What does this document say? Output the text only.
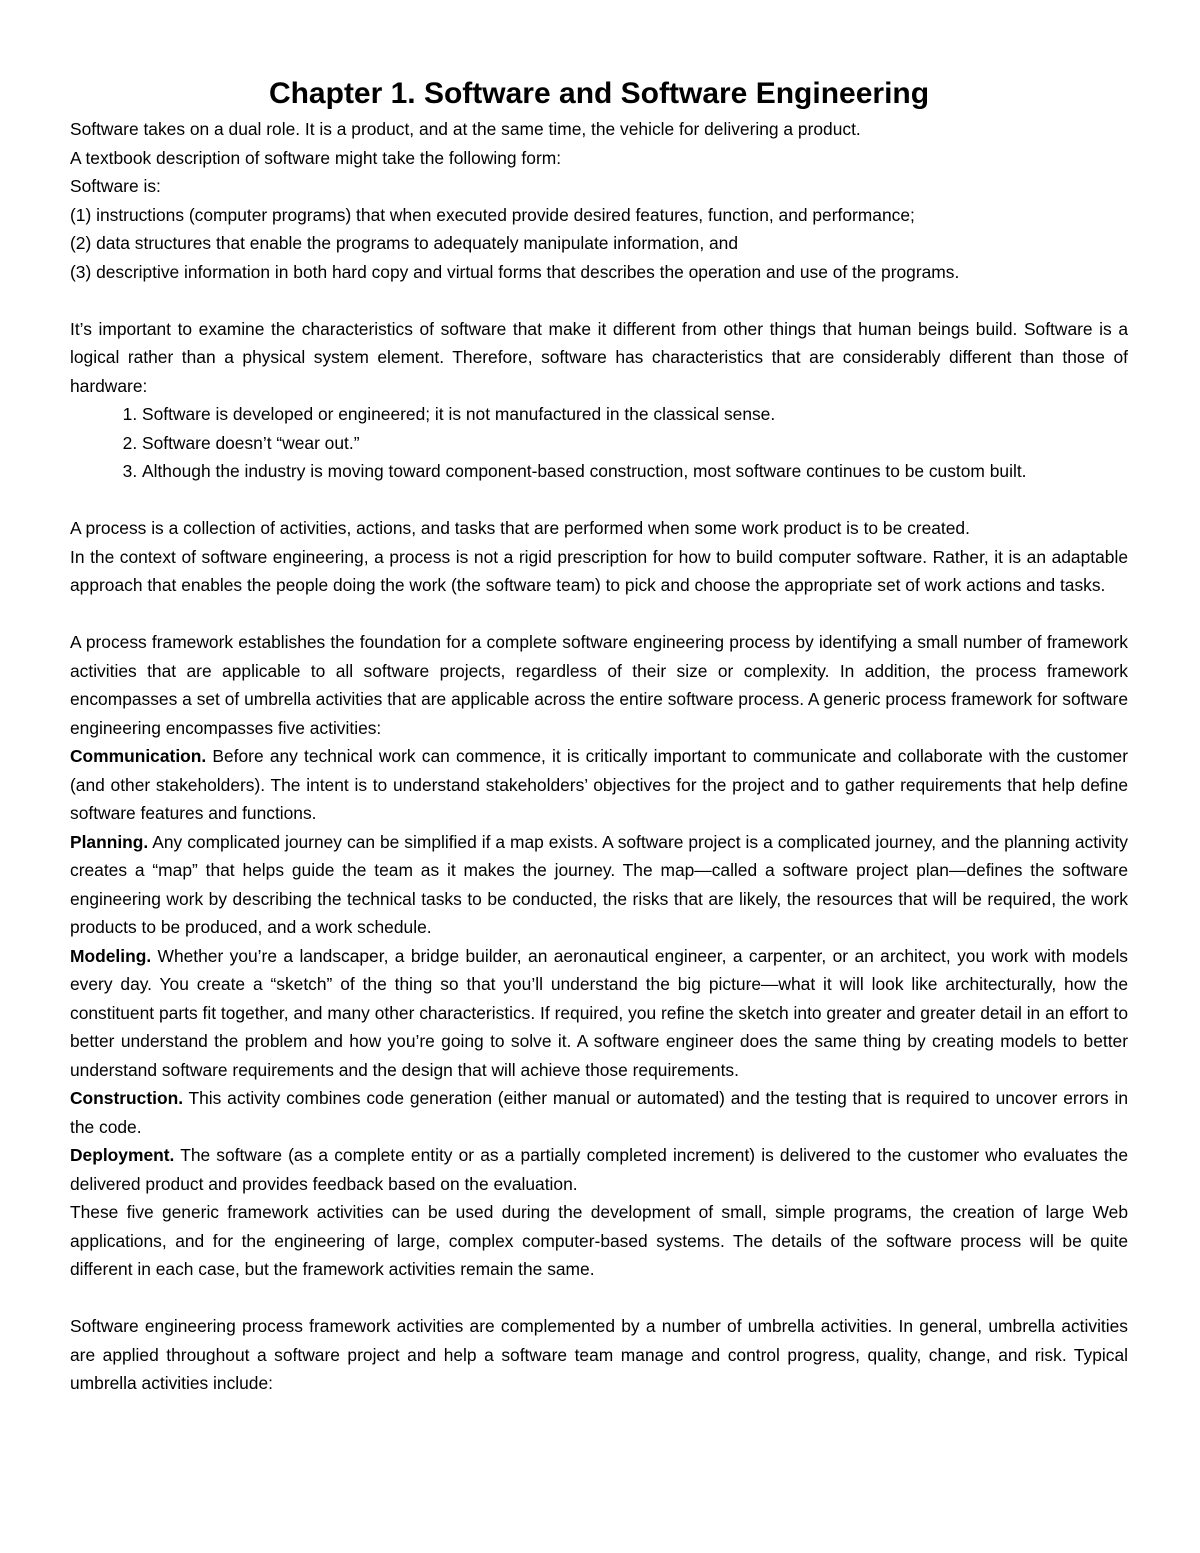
Chapter 1. Software and Software Engineering

Software takes on a dual role. It is a product, and at the same time, the vehicle for delivering a product.

A textbook description of software might take the following form:

Software is:

(1) instructions (computer programs) that when executed provide desired features, function, and performance;

(2) data structures that enable the programs to adequately manipulate information, and

(3) descriptive information in both hard copy and virtual forms that describes the operation and use of the programs.

It’s important to examine the characteristics of software that make it different from other things that human beings build. Software is a logical rather than a physical system element. Therefore, software has characteristics that are considerably different than those of hardware:

1. Software is developed or engineered; it is not manufactured in the classical sense.
2. Software doesn’t “wear out.”
3. Although the industry is moving toward component-based construction, most software continues to be custom built.

A process is a collection of activities, actions, and tasks that are performed when some work product is to be created.

In the context of software engineering, a process is not a rigid prescription for how to build computer software. Rather, it is an adaptable approach that enables the people doing the work (the software team) to pick and choose the appropriate set of work actions and tasks.

A process framework establishes the foundation for a complete software engineering process by identifying a small number of framework activities that are applicable to all software projects, regardless of their size or complexity. In addition, the process framework encompasses a set of umbrella activities that are applicable across the entire software process. A generic process framework for software engineering encompasses five activities:

Communication. Before any technical work can commence, it is critically important to communicate and collaborate with the customer (and other stakeholders). The intent is to understand stakeholders’ objectives for the project and to gather requirements that help define software features and functions.

Planning. Any complicated journey can be simplified if a map exists. A software project is a complicated journey, and the planning activity creates a “map” that helps guide the team as it makes the journey. The map—called a software project plan—defines the software engineering work by describing the technical tasks to be conducted, the risks that are likely, the resources that will be required, the work products to be produced, and a work schedule.

Modeling. Whether you’re a landscaper, a bridge builder, an aeronautical engineer, a carpenter, or an architect, you work with models every day. You create a “sketch” of the thing so that you’ll understand the big picture—what it will look like architecturally, how the constituent parts fit together, and many other characteristics. If required, you refine the sketch into greater and greater detail in an effort to better understand the problem and how you’re going to solve it. A software engineer does the same thing by creating models to better understand software requirements and the design that will achieve those requirements.

Construction. This activity combines code generation (either manual or automated) and the testing that is required to uncover errors in the code.

Deployment. The software (as a complete entity or as a partially completed increment) is delivered to the customer who evaluates the delivered product and provides feedback based on the evaluation.

These five generic framework activities can be used during the development of small, simple programs, the creation of large Web applications, and for the engineering of large, complex computer-based systems. The details of the software process will be quite different in each case, but the framework activities remain the same.

Software engineering process framework activities are complemented by a number of umbrella activities. In general, umbrella activities are applied throughout a software project and help a software team manage and control progress, quality, change, and risk. Typical umbrella activities include:
